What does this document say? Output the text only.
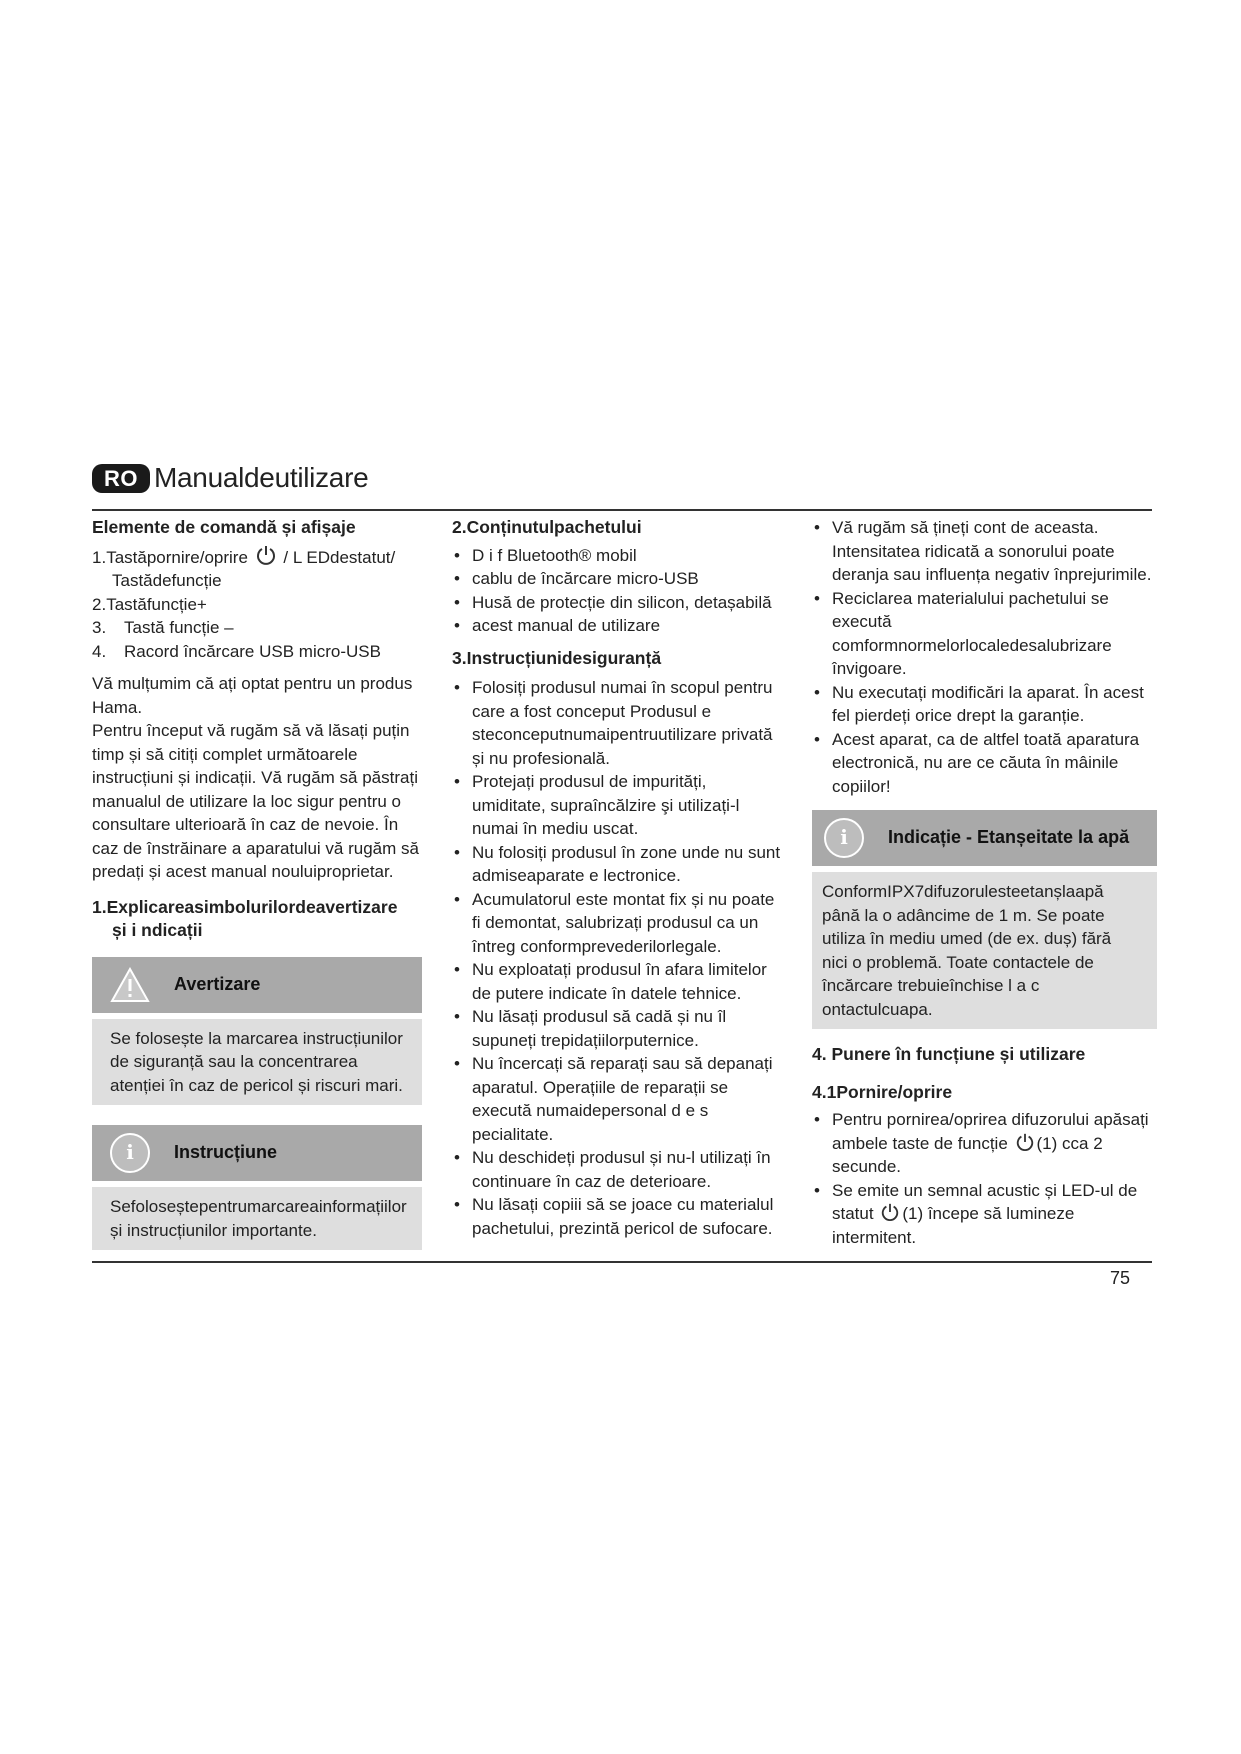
RO Manualdeutilizare

Elemente de comandă și afișaje

1.Tastăpornire/oprire / L EDdestatut/
Tastădefuncție
2.Tastăfuncție+
3.	Tastă funcție –
4.	Racord încărcare USB micro-USB

Vă mulțumim că ați optat pentru un produs Hama.

Pentru început vă rugăm să vă lăsați puțin timp și să citiți complet următoarele instrucțiuni și indicații. Vă rugăm să păstrați manualul de utilizare la loc sigur pentru o consultare ulterioară în caz de nevoie. În caz de înstrăinare a aparatului vă rugăm să predați și acest manual nouluiproprietar.

1.Explicareasimbolurilordeavertizare

și i ndicații

Avertizare

Se folosește la marcarea instrucțiunilor de siguranță sau la concentrarea atenției în caz de pericol și riscuri mari.

i	Instrucțiune

Sefoloseștepentrumarcareainformațiilor și instrucțiunilor importante.

2.Conținutulpachetului

• D i f Bluetooth® mobil
• cablu de încărcare micro-USB
• Husă de protecție din silicon, detașabilă
• acest manual de utilizare

3.Instrucțiunidesiguranță

• Folosiți produsul numai în scopul pentru care a fost conceput Produsul e steconceputnumaipentruutilizare privată și nu profesională.
• Protejați produsul de impurități, umiditate, supraîncălzire şi utilizați-l numai în mediu uscat.
• Nu folosiți produsul în zone unde nu sunt admiseaparate e lectronice.
• Acumulatorul este montat fix și nu poate fi demontat, salubrizați produsul ca un întreg conformprevederilorlegale.
• Nu exploatați produsul în afara limitelor de putere indicate în datele tehnice.
• Nu lăsați produsul să cadă și nu îl supuneți trepidațiilorputernice.
• Nu încercați să reparați sau să depanați aparatul. Operațiile de reparații se execută numaidepersonal d e s pecialitate.
• Nu deschideți produsul și nu-l utilizați în continuare în caz de deterioare.
• Nu lăsați copiii să se joace cu materialul pachetului, prezintă pericol de sufocare.
• Vă rugăm să țineți cont de aceasta. Intensitatea ridicată a sonorului poate deranja sau influența negativ înprejurimile.
• Reciclarea materialului pachetului se execută comformnormelorlocaledesalubrizare învigoare.
• Nu executați modificări la aparat. În acest fel pierdeți orice drept la garanție.
• Acest aparat, ca de altfel toată aparatura electronică, nu are ce căuta în mâinile copiilor!
i	Indicație - Etanșeitate la apă

ConformIPX7difuzorulesteetanșlaapă până la o adâncime de 1 m. Se poate utiliza în mediu umed (de ex. duș) fără nici o problemă. Toate contactele de încărcare trebuieînchise l a c ontactulcuapa.

4. Punere în funcțiune și utilizare

4.1Pornire/oprire

• Pentru pornirea/oprirea difuzorului apăsați ambele taste de funcție (1) cca 2 secunde.
• Se emite un semnal acustic și LED-ul de statut (1) începe să lumineze intermitent.
75
